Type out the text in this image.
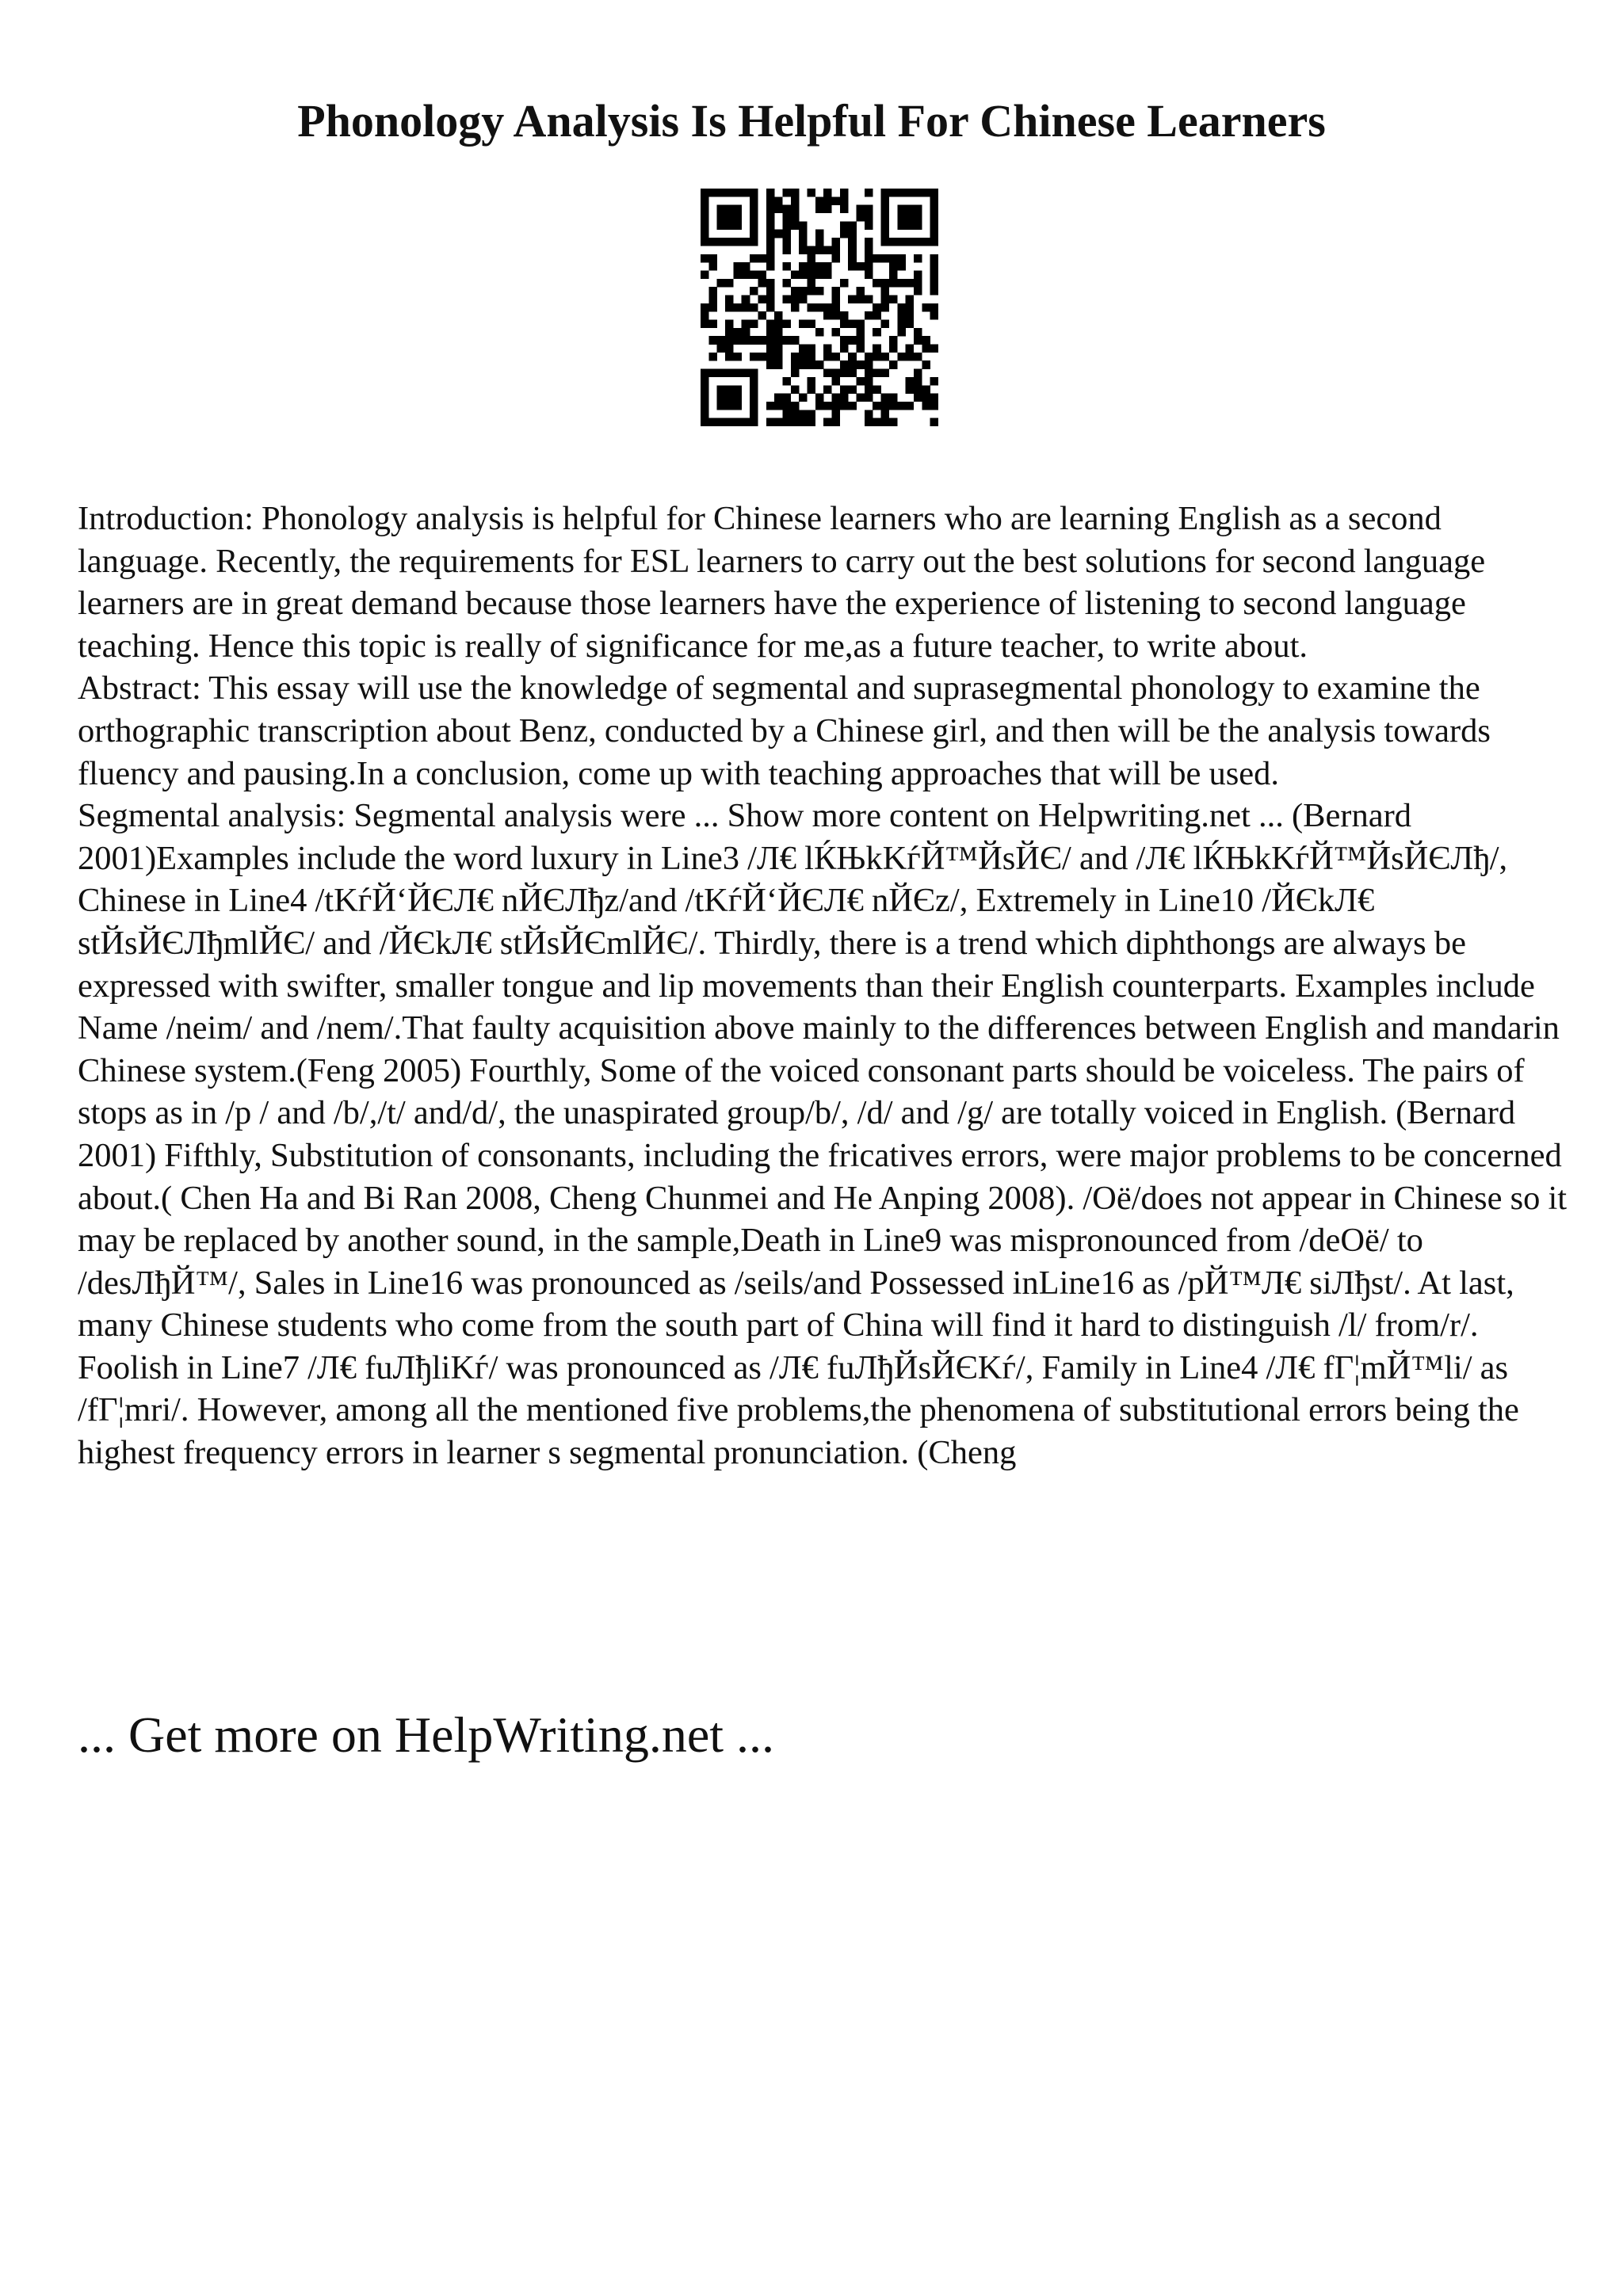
Phonology Analysis Is Helpful For Chinese Learners

Introduction: Phonology analysis is helpful for Chinese learners who are learning English as a second language. Recently, the requirements for ESL learners to carry out the best solutions for second language learners are in great demand because those learners have the experience of listening to second language teaching. Hence this topic is really of significance for me,as a future teacher, to write about.

Abstract: This essay will use the knowledge of segmental and suprasegmental phonology to examine the orthographic transcription about Benz, conducted by a Chinese girl, and then will be the analysis towards fluency and pausing.In a conclusion, come up with teaching approaches that will be used.

Segmental analysis: Segmental analysis were ... Show more content on Helpwriting.net ... (Bernard 2001)Examples include the word luxury in Line3 /Л€ lЌЊkKѓЙ™ЙsЙЄ/ and /Л€ lЌЊkKѓЙ™ЙsЙЄЛђ/, Chinese in Line4 /tKѓЙ‘ЙЄЛ€ nЙЄЛђz/and /tKѓЙ‘ЙЄЛ€ nЙЄz/, Extremely in Line10 /ЙЄkЛ€ stЙѕЙЄЛђmlЙЄ/ and /ЙЄkЛ€ stЙѕЙЄmlЙЄ/. Thirdly, there is a trend which diphthongs are always be expressed with swifter, smaller tongue and lip movements than their English counterparts. Examples include Name /neim/ and /nem/.That faulty acquisition above mainly to the differences between English and mandarin Chinese system.(Feng 2005) Fourthly, Some of the voiced consonant parts should be voiceless. The pairs of stops as in /p / and /b/,/t/ and/d/, the unaspirated group/b/, /d/ and /g/ are totally voiced in English. (Bernard 2001) Fifthly, Substitution of consonants, including the fricatives errors, were major problems to be concerned about.( Chen Ha and Bi Ran 2008, Cheng Chunmei and He Anping 2008). /Оё/does not appear in Chinese so it may be replaced by another sound, in the sample,Death in Line9 was mispronounced from /deОё/ to /desЛђЙ™/, Sales in Line16 was pronounced as /seils/and Possessed inLine16 as /pЙ™Л€ siЛђst/. At last, many Chinese students who come from the south part of China will find it hard to distinguish /l/ from/r/. Foolish in Line7 /Л€ fuЛђliKѓ/ was pronounced as /Л€ fuЛђЙsЙЄKѓ/, Family in Line4 /Л€ fГ¦mЙ™li/ as /fГ¦mri/. However, among all the mentioned five problems,the phenomena of substitutional errors being the highest frequency errors in learner s segmental pronunciation. (Cheng

... Get more on HelpWriting.net ...
